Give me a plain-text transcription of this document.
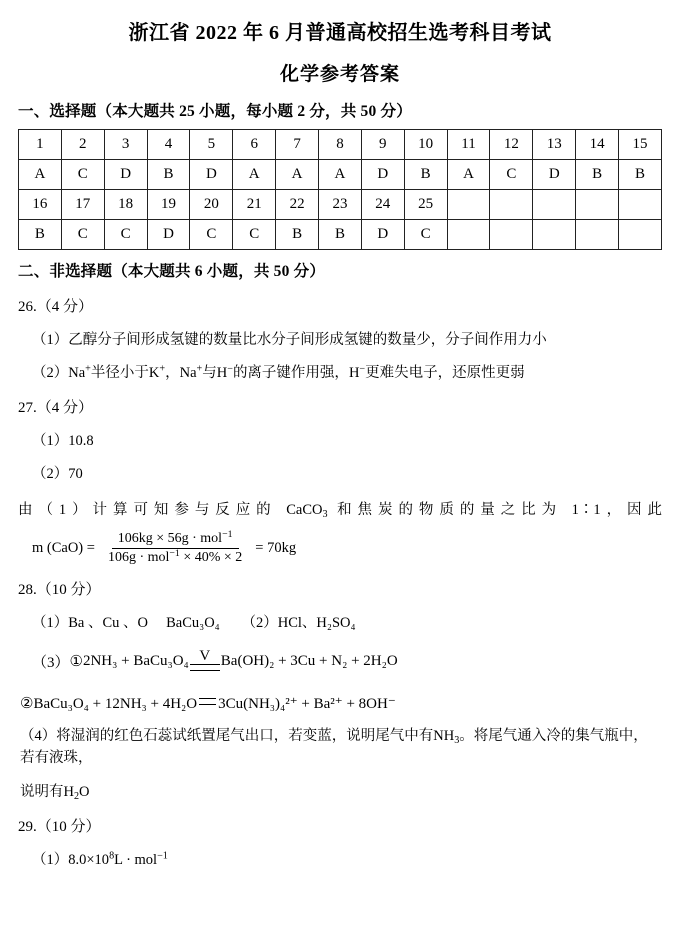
浙江省 2022 年 6 月普通高校招生选考科目考试
化学参考答案
一、选择题（本大题共 25 小题，每小题 2 分，共 50 分）
1	2	3	4	5	6	7	8	9	10	11	12	13	14	15
A	C	D	B	D	A	A	A	D	B	A	C	D	B	B
16	17	18	19	20	21	22	23	24	25					
B	C	C	D	C	C	B	B	D	C					
二、非选择题（本大题共 6 小题，共 50 分）
26.（4 分）
（1）乙醇分子间形成氢键的数量比水分子间形成氢键的数量少，分子间作用力小
（2）Na+半径小于K+，Na+与H−的离子键作用强，H−更难失电子，还原性更弱
27.（4 分）
（1）10.8
（2）70
由（1）计算可知参与反应的 CaCO$_3$ 和焦炭的物质的量之比为 1∶1，因此
m $(CaO) = \frac{106kg \times 56g \cdot mol^{-1}}{106g \cdot mol^{-1} \times 40\% \times 2} = 70kg$
28.（10 分）
（1）Ba 、Cu 、O BaCu₃O₄ （2）HCl、H₂SO₄
（3） ① 2NH₃ + BaCu₃O₄ V Ba(OH)₂ + 3Cu + N₂ + 2H₂O
②BaCu₃O₄ + 12NH₃ + 4H₂O 3Cu(NH₃)₄²⁺ + Ba²⁺ + 8OH⁻
（4）将湿润的红色石蕊试纸置尾气出口，若变蓝，说明尾气中有$NH_3$。将尾气通入冷的集气瓶中，若有液珠，
说明有$H_2O$
29.（10 分）
$(1)8.0\times 10^8L \cdot mol^{-1}$
